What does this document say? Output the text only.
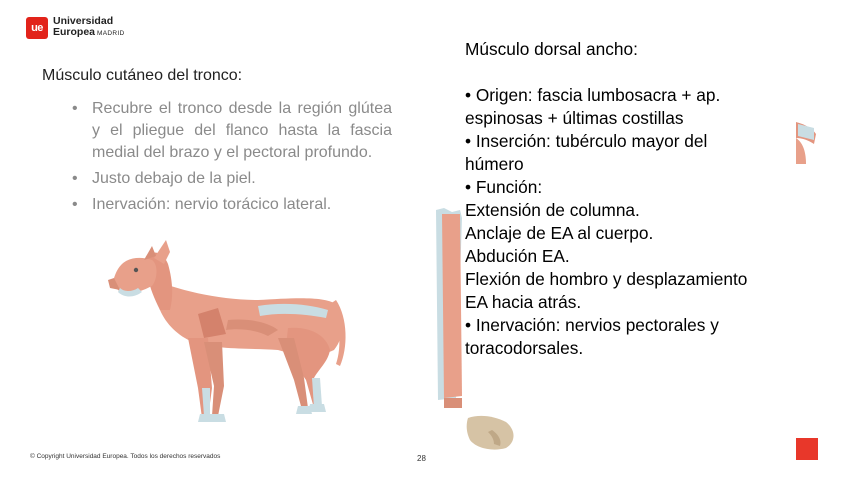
ue
Universidad
Europea MADRID
Músculo cutáneo del tronco:
• Recubre el tronco desde la región glútea y el pliegue del flanco hasta la fascia medial del brazo y el pectoral profundo.
• Justo debajo de la piel.
• Inervación: nervio torácico lateral.
Músculo dorsal ancho:
• Origen: fascia lumbosacra + ap.
espinosas + últimas costillas
• Inserción: tubérculo mayor del
húmero
• Función:
Extensión de columna.
Anclaje de EA al cuerpo.
Abdución EA.
Flexión de hombro y desplazamiento
EA hacia atrás.
• Inervación: nervios pectorales y
toracodorsales.
© Copyright Universidad Europea. Todos los derechos reservados	28
